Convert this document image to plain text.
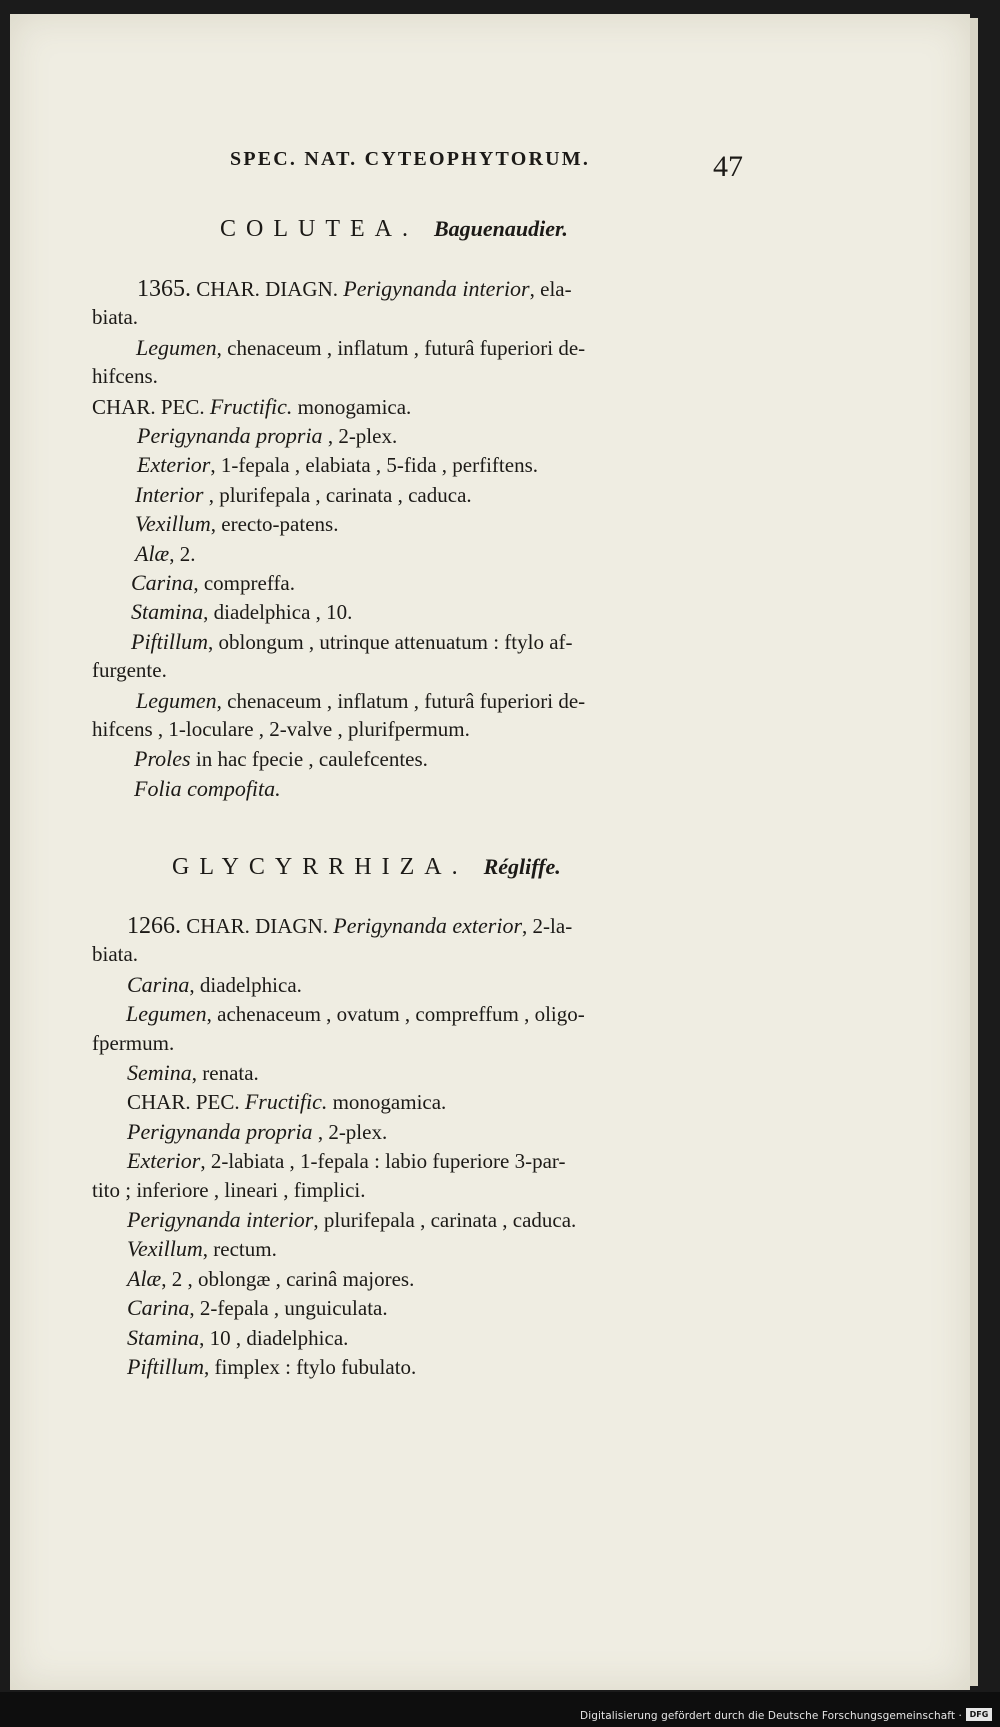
SPEC. NAT. CYTEOPHYTORUM.	47
COLUTEA. Baguenaudier.
1365. CHAR. DIAGN. Perigynanda interior, ela-
biata.
Legumen, chenaceum , inflatum , futurâ fuperiori de-
hifcens.
CHAR. PEC. Fructific. monogamica.
Perigynanda propria , 2-plex.
Exterior, 1-fepala , elabiata , 5-fida , perfiftens.
Interior , plurifepala , carinata , caduca.
Vexillum, erecto-patens.
Alæ, 2.
Carina, compreffa.
Stamina, diadelphica , 10.
Piftillum, oblongum , utrinque attenuatum : ftylo af-
furgente.
Legumen, chenaceum , inflatum , futurâ fuperiori de-
hifcens , 1-loculare , 2-valve , plurifpermum.
Proles in hac fpecie , caulefcentes.
Folia compofita.
GLYCYRRHIZA. Régliffe.
1266. CHAR. DIAGN. Perigynanda exterior, 2-la-
biata.
Carina, diadelphica.
Legumen, achenaceum , ovatum , compreffum , oligo-
fpermum.
Semina, renata.
CHAR. PEC. Fructific. monogamica.
Perigynanda propria , 2-plex.
Exterior, 2-labiata , 1-fepala : labio fuperiore 3-par-
tito ; inferiore , lineari , fimplici.
Perigynanda interior, plurifepala , carinata , caduca.
Vexillum, rectum.
Alæ, 2 , oblongæ , carinâ majores.
Carina, 2-fepala , unguiculata.
Stamina, 10 , diadelphica.
Piftillum, fimplex : ftylo fubulato.
Digitalisierung gefördert durch die Deutsche Forschungsgemeinschaft · DFG
